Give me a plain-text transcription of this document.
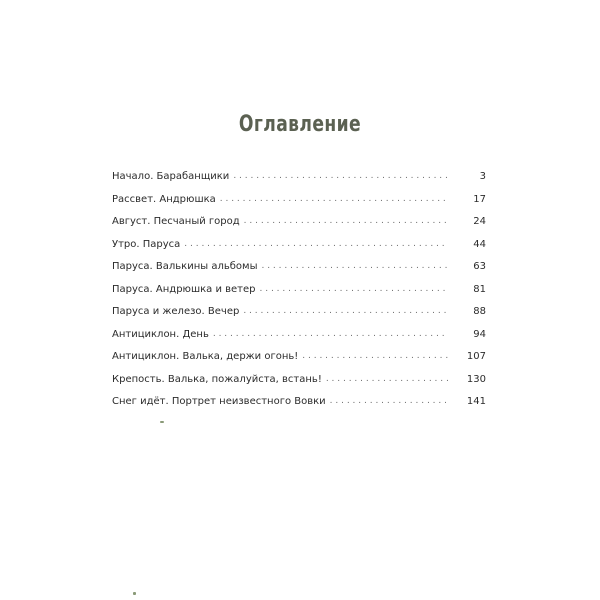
Оглавление
Начало. Барабанщики . . .	3
Рассвет. Андрюшка . . .	17
Август. Песчаный город . . .	24
Утро. Паруса . . .	44
Паруса. Валькины альбомы . . .	63
Паруса. Андрюшка и ветер . . .	81
Паруса и железо. Вечер . . .	88
Антициклон. День . . .	94
Антициклон. Валька, держи огонь! . . .	107
Крепость. Валька, пожалуйста, встань! . . .	130
Снег идёт. Портрет неизвестного Вовки . . .	141
